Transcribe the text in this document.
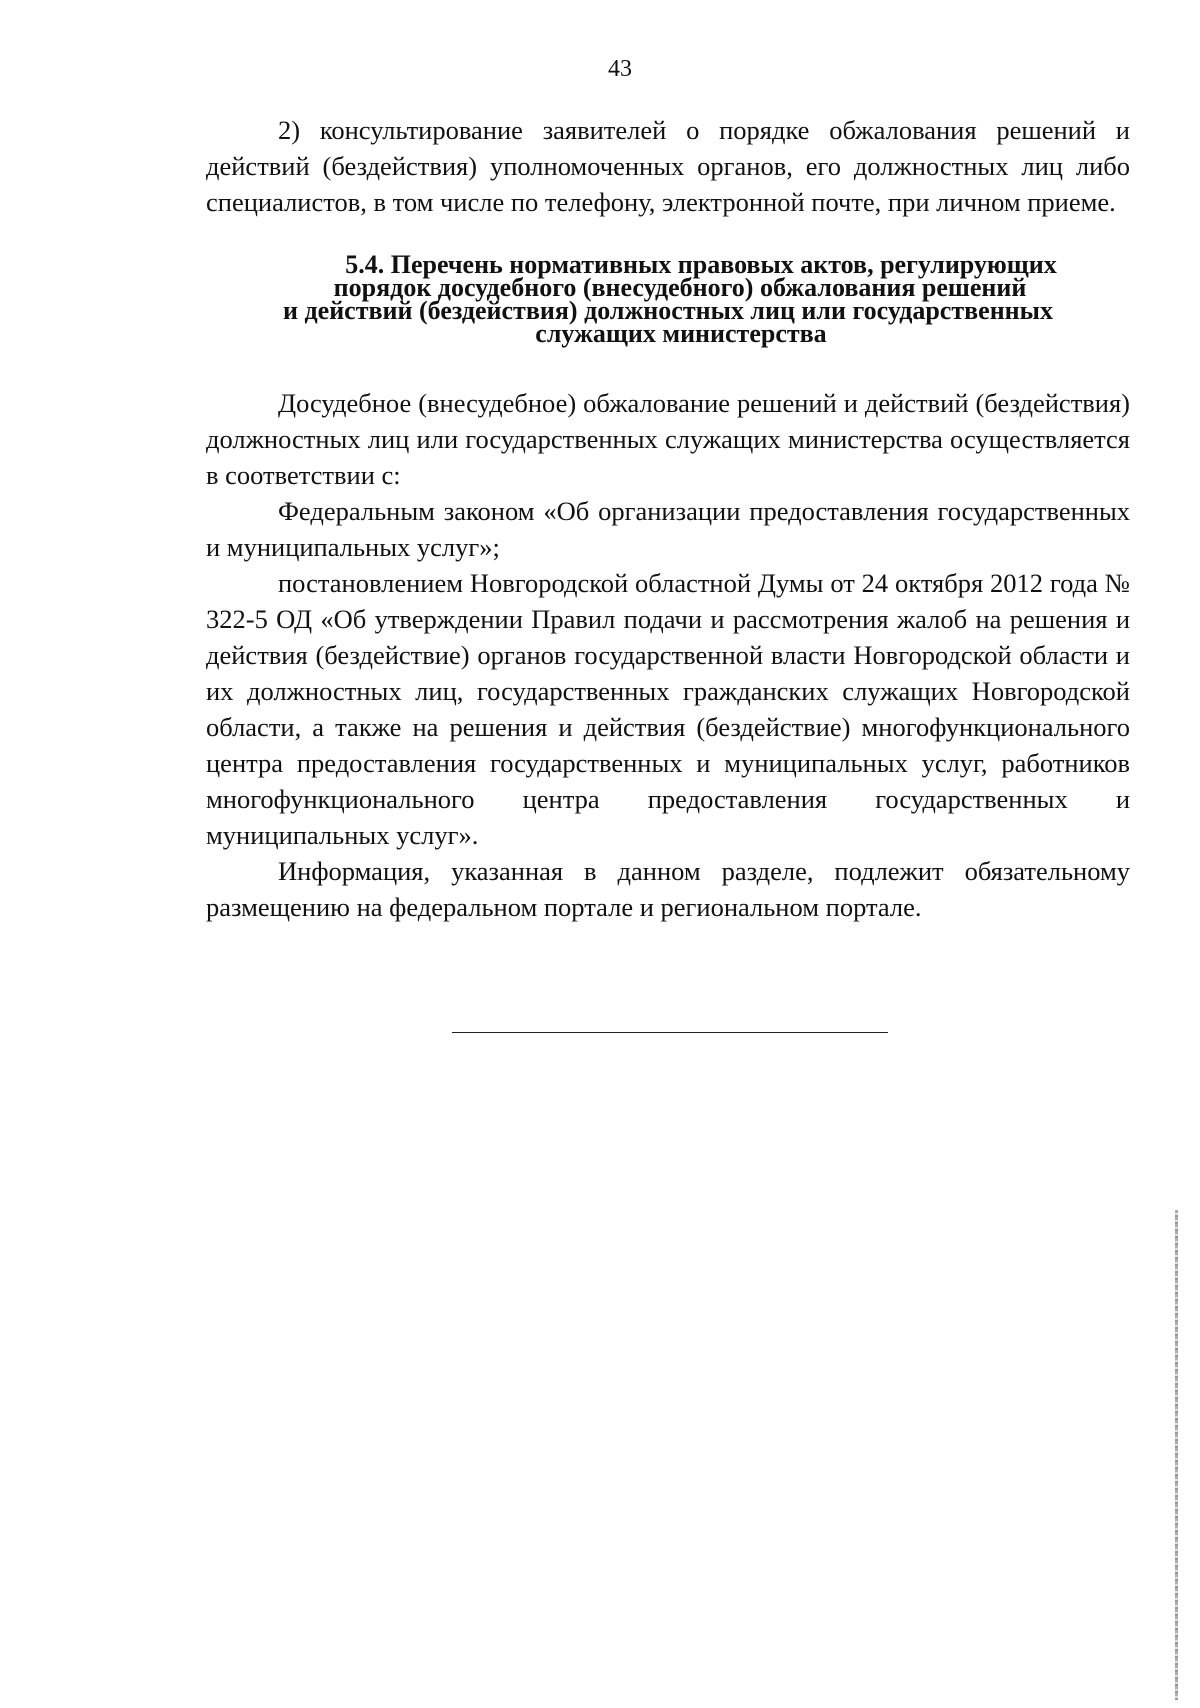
43

2) консультирование заявителей о порядке обжалования решений и действий (бездействия) уполномоченных органов, его должностных лиц либо специалистов, в том числе по телефону, электронной почте, при личном приеме.

5.4. Перечень нормативных правовых актов, регулирующих
порядок досудебного (внесудебного) обжалования решений
и действий (бездействия) должностных лиц или государственных
служащих министерства

Досудебное (внесудебное) обжалование решений и действий (бездействия) должностных лиц или государственных служащих министерства осуществляется в соответствии с:

Федеральным законом «Об организации предоставления государственных и муниципальных услуг»;

постановлением Новгородской областной Думы от 24 октября 2012 года № 322-5 ОД «Об утверждении Правил подачи и рассмотрения жалоб на решения и действия (бездействие) органов государственной власти Новгородской области и их должностных лиц, государственных гражданских служащих Новгородской области, а также на решения и действия (бездействие) многофункционального центра предоставления государственных и муниципальных услуг, работников многофункционального центра предоставления государственных и муниципальных услуг».

Информация, указанная в данном разделе, подлежит обязательному размещению на федеральном портале и региональном портале.
